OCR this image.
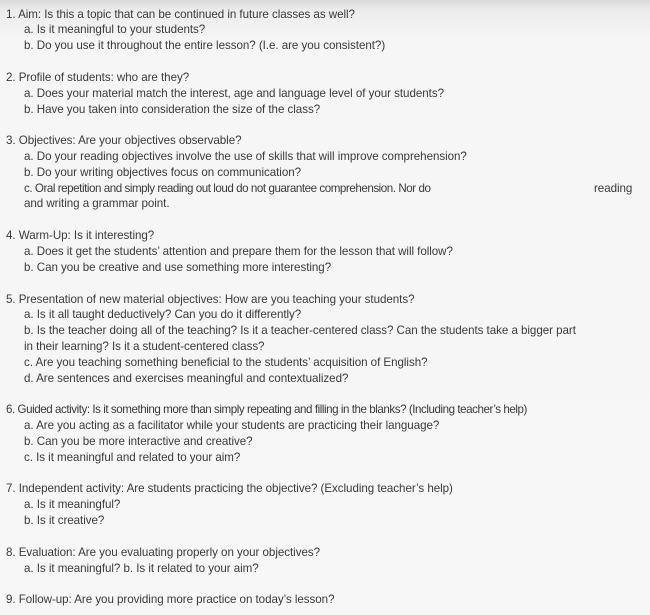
1. Aim: Is this a topic that can be continued in future classes as well?
a. Is it meaningful to your students?
b. Do you use it throughout the entire lesson? (I.e. are you consistent?)
2. Profile of students: who are they?
a. Does your material match the interest, age and language level of your students?
b. Have you taken into consideration the size of the class?
3. Objectives: Are your objectives observable?
a. Do your reading objectives involve the use of skills that will improve comprehension?
b. Do your writing objectives focus on communication?
c. Oral repetition and simply reading out loud do not guarantee comprehension. Nor do	reading
and writing a grammar point.
4. Warm-Up: Is it interesting?
a. Does it get the students’ attention and prepare them for the lesson that will follow?
b. Can you be creative and use something more interesting?
5. Presentation of new material objectives: How are you teaching your students?
a. Is it all taught deductively? Can you do it differently?
b. Is the teacher doing all of the teaching? Is it a teacher-centered class? Can the students take a bigger part
in their learning? Is it a student-centered class?
c. Are you teaching something beneficial to the students’ acquisition of English?
d. Are sentences and exercises meaningful and contextualized?
6. Guided activity: Is it something more than simply repeating and filling in the blanks? (Including teacher’s help)
a. Are you acting as a facilitator while your students are practicing their language?
b. Can you be more interactive and creative?
c. Is it meaningful and related to your aim?
7. Independent activity: Are students practicing the objective? (Excluding teacher’s help)
a. Is it meaningful?
b. Is it creative?
8. Evaluation: Are you evaluating properly on your objectives?
a. Is it meaningful? b. Is it related to your aim?
9. Follow-up: Are you providing more practice on today’s lesson?
